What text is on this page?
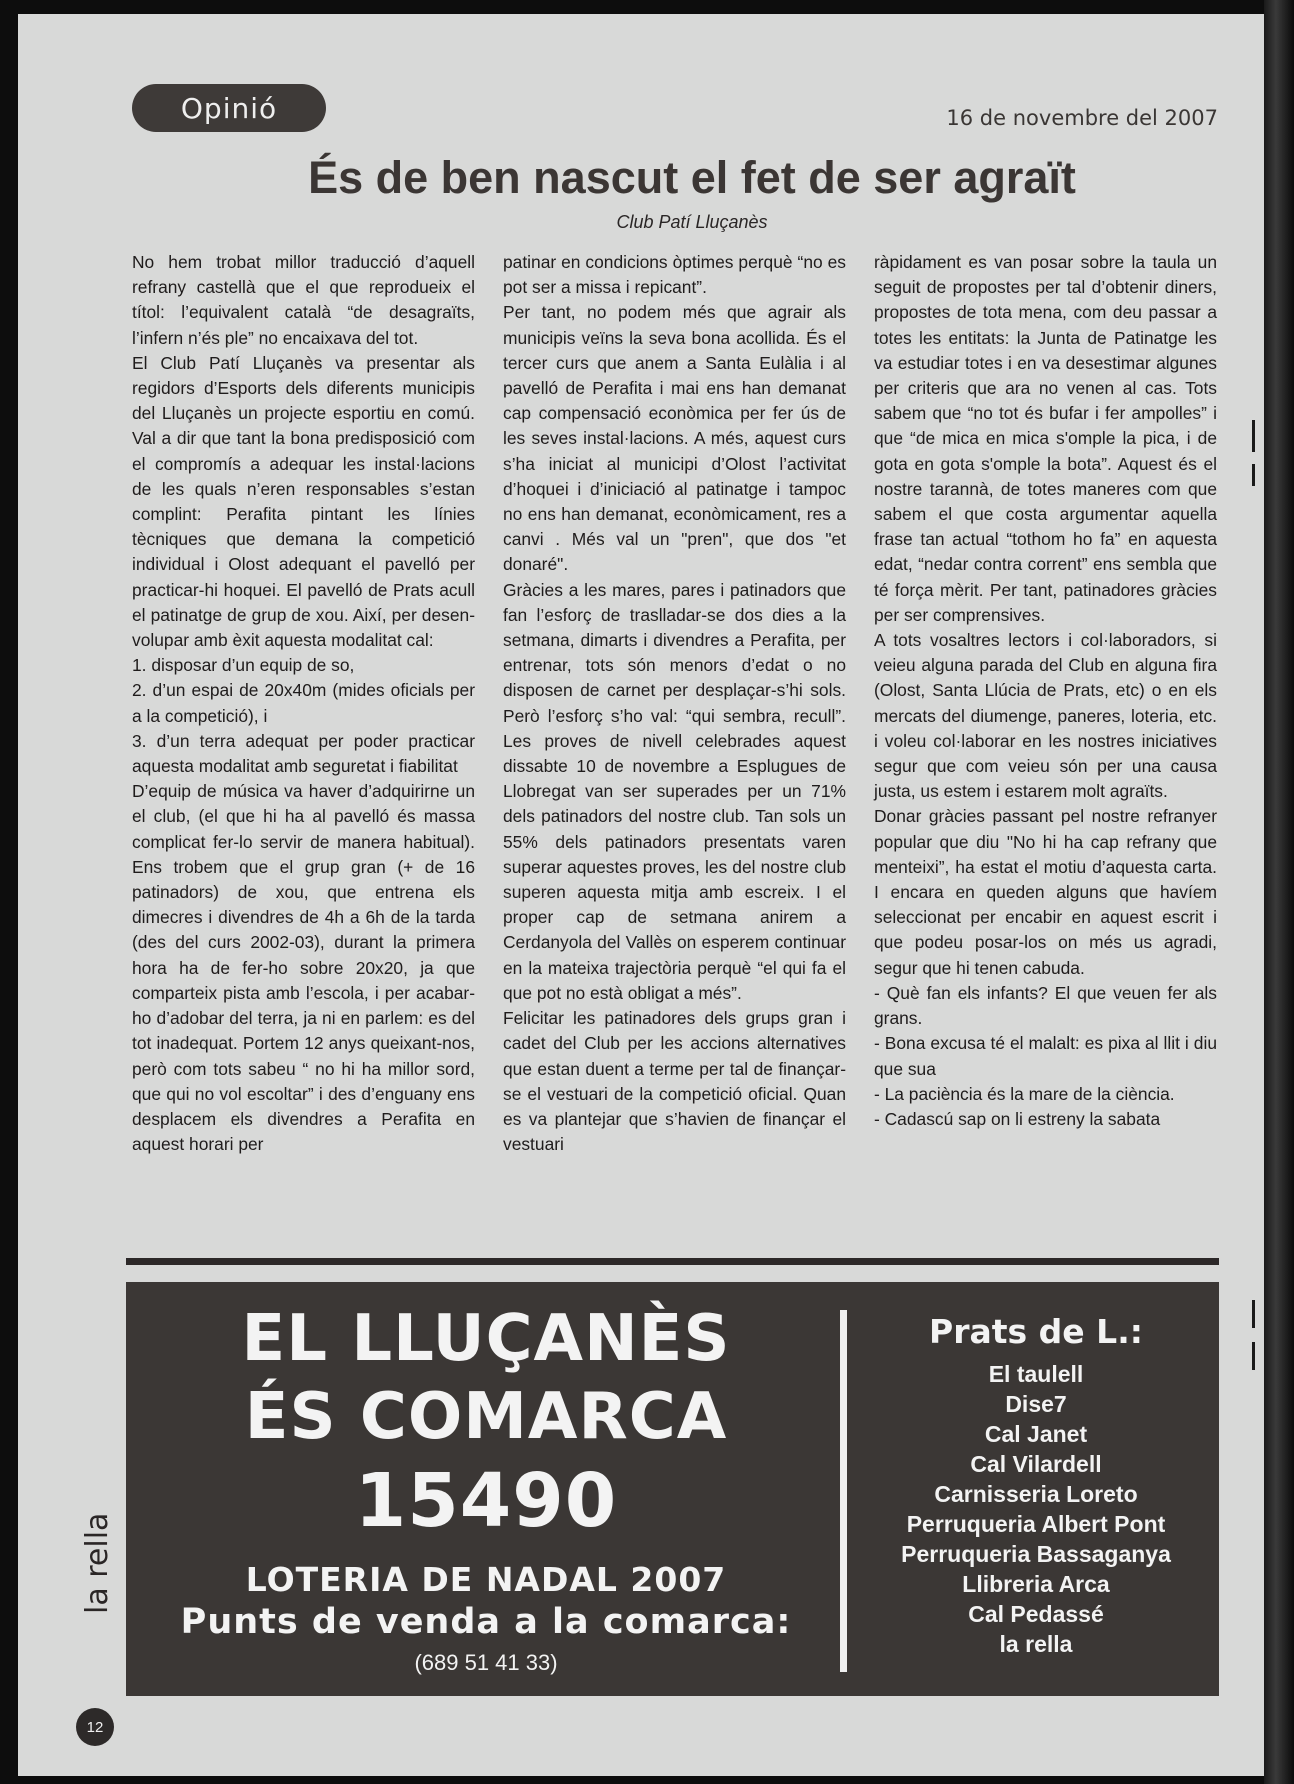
Opinió	16 de novembre del 2007
És de ben nascut el fet de ser agraït
Club Patí Lluçanès

No hem trobat millor traducció d’aquell refrany castellà que el que reprodueix el títol: l’equivalent català “de desagraïts, l’infern n’és ple” no encaixava del tot.

El Club Patí Lluçanès va presentar als regidors d’Esports dels diferents municipis del Lluçanès un projecte esportiu en comú. Val a dir que tant la bona predisposició com el compromís a adequar les instal·lacions de les quals n’eren responsables s’estan complint: Perafita pintant les línies tècniques que demana la competició individual i Olost adequant el pavelló per practicar-hi hoquei. El pavelló de Prats acull el patinatge de grup de xou. Així, per desenvolupar amb èxit aquesta modalitat cal:

1. disposar d’un equip de so,

2. d’un espai de 20x40m (mides oficials per a la competició), i

3. d’un terra adequat per poder practicar aquesta modalitat amb seguretat i fiabilitat

D’equip de música va haver d’adquirirne un el club, (el que hi ha al pavelló és massa complicat fer-lo servir de manera habitual). Ens trobem que el grup gran (+ de 16 patinadors) de xou, que entrena els dimecres i divendres de 4h a 6h de la tarda (des del curs 2002-03), durant la primera hora ha de fer-ho sobre 20x20, ja que comparteix pista amb l’escola, i per acabar-ho d’adobar del terra, ja ni en parlem: es del tot inadequat. Portem 12 anys queixant-nos, però com tots sabeu “ no hi ha millor sord, que qui no vol escoltar” i des d’enguany ens desplacem els divendres a Perafita en aquest horari per

patinar en condicions òptimes perquè “no es pot ser a missa i repicant”.

Per tant, no podem més que agrair als municipis veïns la seva bona acollida. És el tercer curs que anem a Santa Eulàlia i al pavelló de Perafita i mai ens han demanat cap compensació econòmica per fer ús de les seves instal·lacions. A més, aquest curs s’ha iniciat al municipi d’Olost l’activitat d’hoquei i d’iniciació al patinatge i tampoc no ens han demanat, econòmicament, res a canvi . Més val un "pren", que dos "et donaré".

Gràcies a les mares, pares i patinadors que fan l’esforç de traslladar-se dos dies a la setmana, dimarts i divendres a Perafita, per entrenar, tots són menors d’edat o no disposen de carnet per desplaçar-s’hi sols. Però l’esforç s’ho val: “qui sembra, recull”. Les proves de nivell celebrades aquest dissabte 10 de novembre a Esplugues de Llobregat van ser superades per un 71% dels patinadors del nostre club. Tan sols un 55% dels patinadors presentats varen superar aquestes proves, les del nostre club superen aquesta mitja amb escreix. I el proper cap de setmana anirem a Cerdanyola del Vallès on esperem continuar en la mateixa trajectòria perquè “el qui fa el que pot no està obligat a més”.

Felicitar les patinadores dels grups gran i cadet del Club per les accions alternatives que estan duent a terme per tal de finançar-se el vestuari de la competició oficial. Quan es va plantejar que s’havien de finançar el vestuari

ràpidament es van posar sobre la taula un seguit de propostes per tal d’obtenir diners, propostes de tota mena, com deu passar a totes les entitats: la Junta de Patinatge les va estudiar totes i en va desestimar algunes per criteris que ara no venen al cas. Tots sabem que “no tot és bufar i fer ampolles” i que “de mica en mica s'omple la pica, i de gota en gota s'omple la bota”. Aquest és el nostre tarannà, de totes maneres com que sabem el que costa argumentar aquella frase tan actual “tothom ho fa” en aquesta edat, “nedar contra corrent” ens sembla que té força mèrit. Per tant, patinadores gràcies per ser comprensives.

A tots vosaltres lectors i col·laboradors, si veieu alguna parada del Club en alguna fira (Olost, Santa Llúcia de Prats, etc) o en els mercats del diumenge, paneres, loteria, etc. i voleu col·laborar en les nostres iniciatives segur que com veieu són per una causa justa, us estem i estarem molt agraïts.

Donar gràcies passant pel nostre refranyer popular que diu "No hi ha cap refrany que menteixi”, ha estat el motiu d’aquesta carta. I encara en queden alguns que havíem seleccionat per encabir en aquest escrit i que podeu posar-los on més us agradi, segur que hi tenen cabuda.

- Què fan els infants? El que veuen fer als grans.

- Bona excusa té el malalt: es pixa al llit i diu que sua

- La paciència és la mare de la ciència.

- Cadascú sap on li estreny la sabata

EL LLUÇANÈS
ÉS COMARCA
15490
LOTERIA DE NADAL 2007
Punts de venda a la comarca:
(689 51 41 33)
Prats de L.:
El taulell
Dise7
Cal Janet
Cal Vilardell
Carnisseria Loreto
Perruqueria Albert Pont
Perruqueria Bassaganya
Llibreria Arca
Cal Pedassé
la rella
la rella
12
